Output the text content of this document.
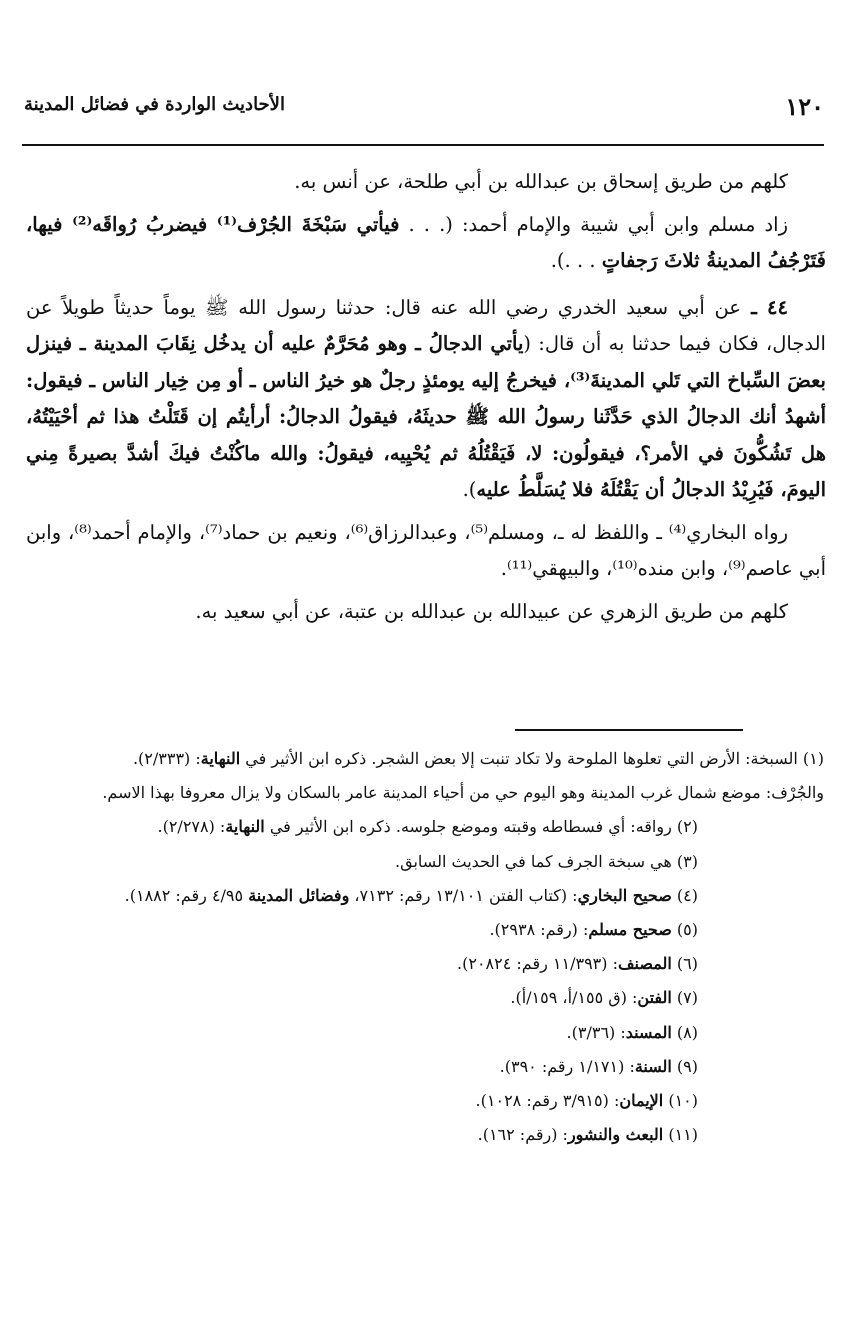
١٢٠
الأحاديث الواردة في فضائل المدينة

كلهم من طريق إسحاق بن عبدالله بن أبي طلحة، عن أنس به.

زاد مسلم وابن أبي شيبة والإمام أحمد: (. . . فيأتي سَبْخَةَ الجُرْف⁽¹⁾ فيضربُ رُواقَه⁽²⁾ فيها، فَتَرْجُفُ المدينةُ ثلاثَ رَجفاتٍ . . .).

٤٤ ـ عن أبي سعيد الخدري رضي الله عنه قال: حدثنا رسول الله ﷺ يوماً حديثاً طويلاً عن الدجال، فكان فيما حدثنا به أن قال: (يأتي الدجالُ ـ وهو مُحَرَّمٌ عليه أن يدخُل نِقَابَ المدينة ـ فينزل بعضَ السِّباخ التي تَلي المدينةَ⁽³⁾، فيخرجُ إليه يومئذٍ رجلٌ هو خيرُ الناس ـ أو مِن خِيار الناس ـ فيقول: أشهدُ أنك الدجالُ الذي حَدَّثَنا رسولُ الله ﷺ حديثَهُ، فيقولُ الدجالُ: أرأيتُم إن قَتَلْتُ هذا ثم أحْيَيْتُهُ، هل تَشُكُّونَ في الأمر؟، فيقولُون: لا، فَيَقْتُلُهُ ثم يُحْيِيه، فيقولُ: والله ماكُنْتُ فيكَ أشدَّ بصيرةً مِني اليومَ، فَيُرِيْدُ الدجالُ أن يَقْتُلَهُ فلا يُسَلَّطُ عليه).

رواه البخاري⁽⁴⁾ ـ واللفظ له ـ، ومسلم⁽⁵⁾، وعبدالرزاق⁽⁶⁾، ونعيم بن حماد⁽⁷⁾، والإمام أحمد⁽⁸⁾، وابن أبي عاصم⁽⁹⁾، وابن منده⁽¹⁰⁾، والبيهقي⁽¹¹⁾.

كلهم من طريق الزهري عن عبيدالله بن عبدالله بن عتبة، عن أبي سعيد به.

(١) السبخة: الأرض التي تعلوها الملوحة ولا تكاد تنبت إلا بعض الشجر. ذكره ابن الأثير في النهاية: (٢/٣٣٣).

والجُرْف: موضع شمال غرب المدينة وهو اليوم حي من أحياء المدينة عامر بالسكان ولا يزال معروفا بهذا الاسم.

(٢) رواقه: أي فسطاطه وقبته وموضع جلوسه. ذكره ابن الأثير في النهاية: (٢/٢٧٨).

(٣) هي سبخة الجرف كما في الحديث السابق.

(٤) صحيح البخاري: (كتاب الفتن ١٣/١٠١ رقم: ٧١٣٢، وفضائل المدينة ٤/٩٥ رقم: ١٨٨٢).

(٥) صحيح مسلم: (رقم: ٢٩٣٨).

(٦) المصنف: (١١/٣٩٣ رقم: ٢٠٨٢٤).

(٧) الفتن: (ق ١٥٥/أ، ١٥٩/أ).

(٨) المسند: (٣/٣٦).

(٩) السنة: (١/١٧١ رقم: ٣٩٠).

(١٠) الإيمان: (٣/٩١٥ رقم: ١٠٢٨).

(١١) البعث والنشور: (رقم: ١٦٢).
